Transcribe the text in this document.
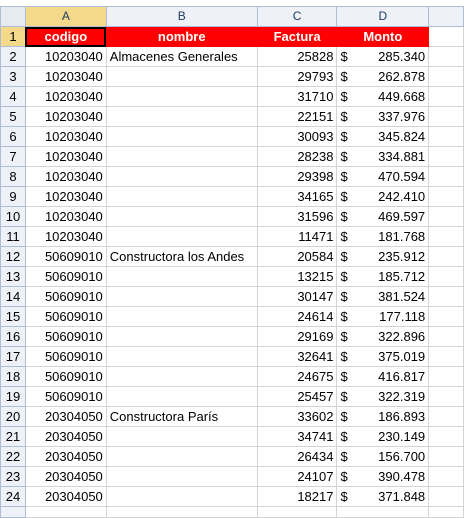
	A	B	C	D	
1	codigo	nombre	Factura	Monto	
2	10203040	Almacenes Generales	25828	$ 285.340	

3	10203040		29793	$ 262.878	

4	10203040		31710	$ 449.668	

5	10203040		22151	$ 337.976	

6	10203040		30093	$ 345.824	

7	10203040		28238	$ 334.881	

8	10203040		29398	$ 470.594	

9	10203040		34165	$ 242.410	

10	10203040		31596	$ 469.597	

11	10203040		11471	$ 181.768	

12	50609010	Constructora los Andes	20584	$ 235.912	

13	50609010		13215	$ 185.712	

14	50609010		30147	$ 381.524	

15	50609010		24614	$ 177.118	

16	50609010		29169	$ 322.896	

17	50609010		32641	$ 375.019	

18	50609010		24675	$ 416.817	

19	50609010		25457	$ 322.319	

20	20304050	Constructora París	33602	$ 186.893	

21	20304050		34741	$ 230.149	

22	20304050		26434	$ 156.700	

23	20304050		24107	$ 390.478	

24	20304050		18217	$ 371.848	
